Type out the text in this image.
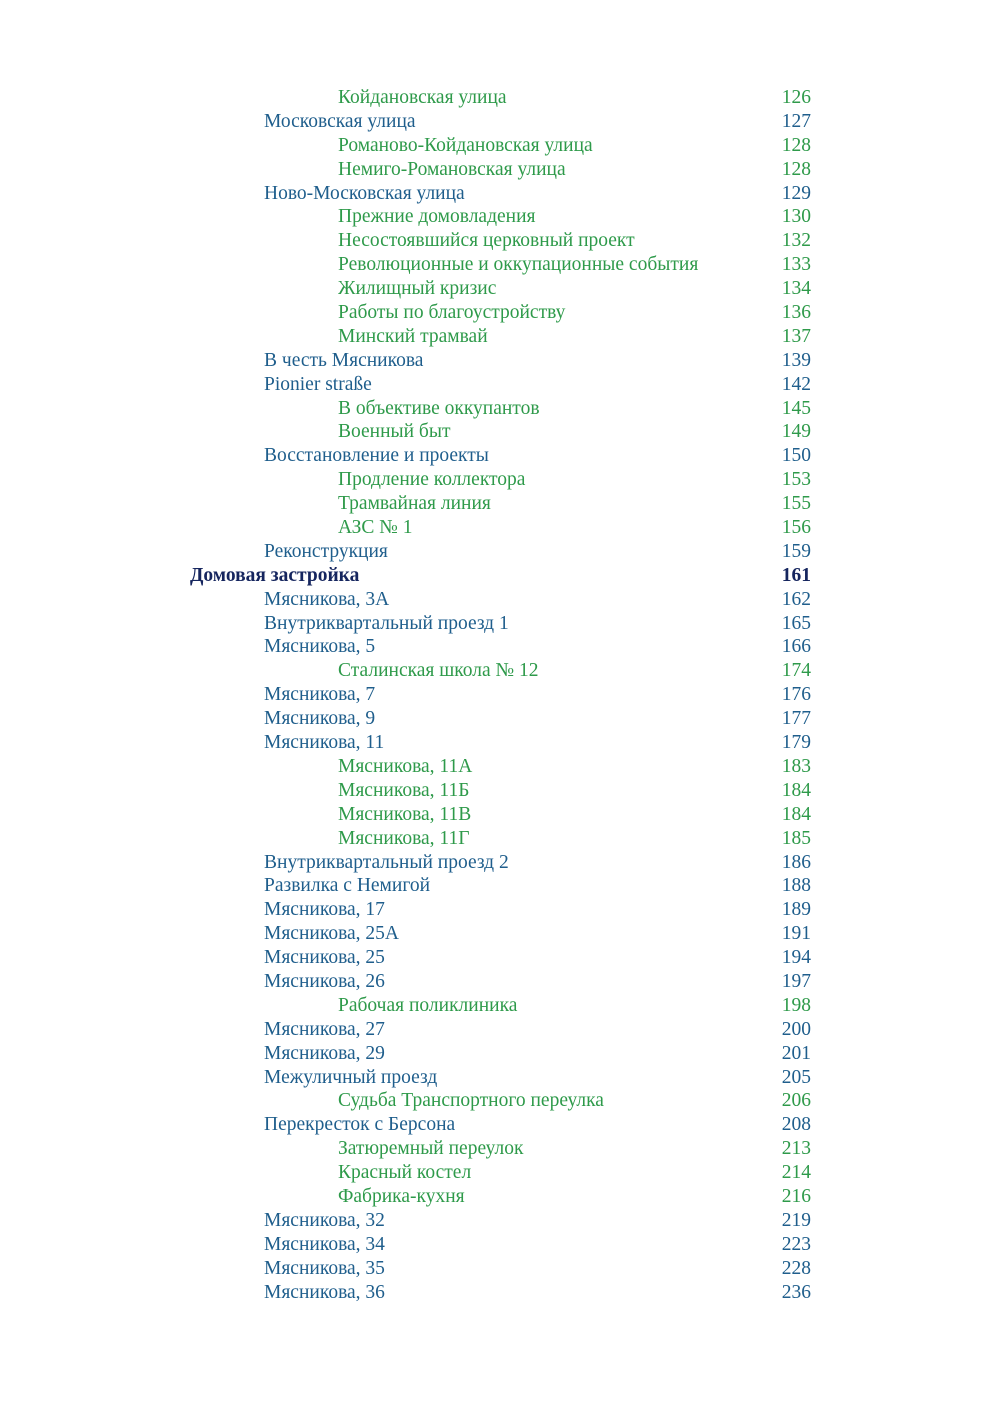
Койдановская улица	126
Московская улица	127
Романово-Койдановская улица	128
Немиго-Романовская улица	128
Ново-Московская улица	129
Прежние домовладения	130
Несостоявшийся церковный проект	132
Революционные и оккупационные события	133
Жилищный кризис	134
Работы по благоустройству	136
Минский трамвай	137
В честь Мясникова	139
Pionier straße	142
В объективе оккупантов	145
Военный быт	149
Восстановление и проекты	150
Продление коллектора	153
Трамвайная линия	155
АЗС № 1	156
Реконструкция	159
Домовая застройка	161
Мясникова, 3А	162
Внутриквартальный проезд 1	165
Мясникова, 5	166
Сталинская школа № 12	174
Мясникова, 7	176
Мясникова, 9	177
Мясникова, 11	179
Мясникова, 11А	183
Мясникова, 11Б	184
Мясникова, 11В	184
Мясникова, 11Г	185
Внутриквартальный проезд 2	186
Развилка с Немигой	188
Мясникова, 17	189
Мясникова, 25А	191
Мясникова, 25	194
Мясникова, 26	197
Рабочая поликлиника	198
Мясникова, 27	200
Мясникова, 29	201
Межуличный проезд	205
Судьба Транспортного переулка	206
Перекресток с Берсона	208
Затюремный переулок	213
Красный костел	214
Фабрика-кухня	216
Мясникова, 32	219
Мясникова, 34	223
Мясникова, 35	228
Мясникова, 36	236
